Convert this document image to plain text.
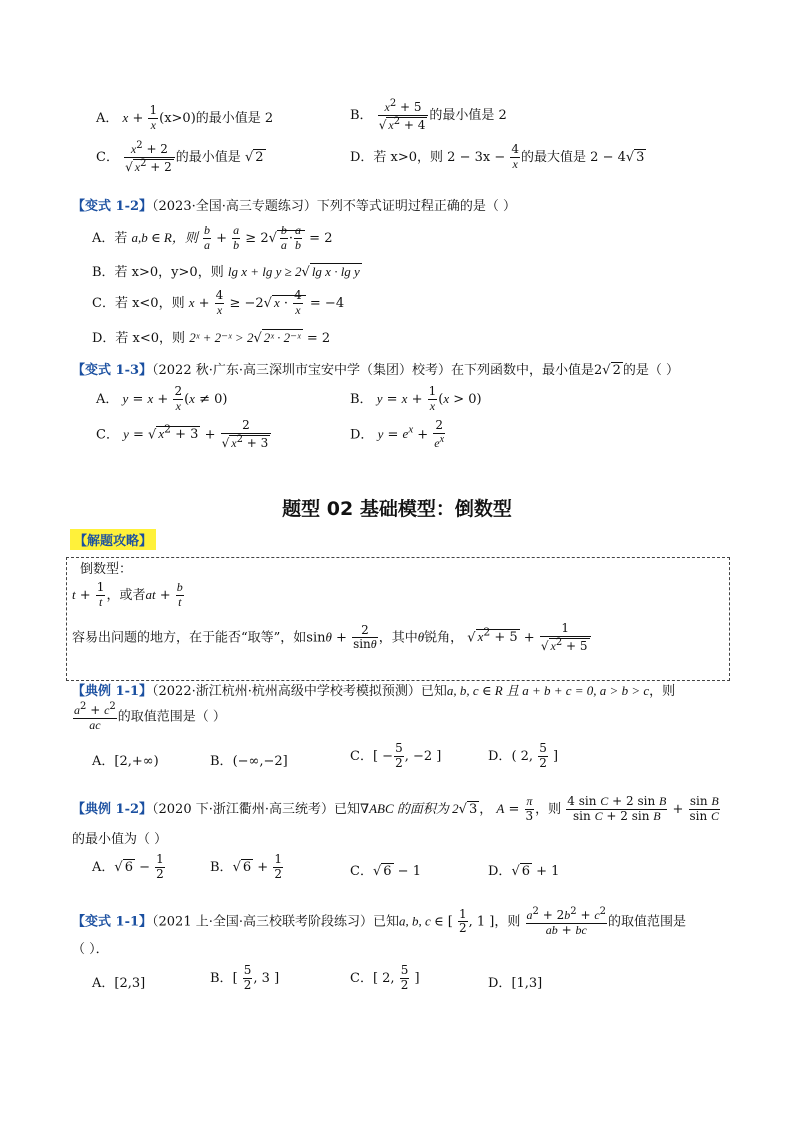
A． $x + \frac{1}{x} (x>0)$的最小值是 2	B． $\frac{x^2 + 5}{√ x^2 + 4}$ 的最小值是 2
C． $\frac{x^2 + 2}{√ x^2 + 2}$ 的最小值是 √ 2	D．若 x>0，则 $2 - 3x - \frac{4}{x}$ 的最大值是 2 − 4√ 3
【变式 1-2】（2023·全国·高三专题练习）下列不等式证明过程正确的是（ ）
A．若 a,b ∈ R，则 $\frac{b}{a} + \frac{a}{b} \ge 2√ \frac{b}{a} \cdot \frac{a}{b} = 2$
B．若 x>0，y>0，则 lg x + lg y ≥ 2√ lg x · lg y
C．若 x<0，则 $x + \frac{4}{x} \ge -2√$ $x \cdot \frac{4}{x} = -4$
D．若 x<0，则 2ˣ + 2⁻ˣ > 2√ 2ˣ · 2⁻ˣ = 2
【变式 1-3】（2022 秋·广东·高三深圳市宝安中学（集团）校考）在下列函数中，最小值是2√ 2 的是（ ）
A． $y = x + \frac{2}{x} (x \ne 0)$	B． $y = x + \frac{1}{x} (x > 0)$
C． y = √ $x^2 + 3 + \frac{2}{√ x^2 + 3}$	D． $y = e^x + \frac{2}{e^x}$
题型 02 基础模型：倒数型
【解题攻略】
倒数型：
$t + \frac{1}{t}$ ，或者at + $\frac{b}{t}$
容易出问题的地方，在于能否“取等”，如$\sin\theta + \frac{2}{\sin\theta}$ ，其中θ锐角， √ $x^2 + 5 + \frac{1}{√ x^2 + 5}$
【典例 1-1】（2022·浙江杭州·杭州高级中学校考模拟预测）已知a, b, c ∈ R 且 a + b + c = 0, a > b > c，则
$\frac{a^2 + c^2}{ac}$ 的取值范围是（ ）
A．[2,+∞)	B．(−∞,−2]	C．[ − $\frac{5}{2}$ , −2 ]	D．( 2, $\frac{5}{2}$ ]
【典例 1-2】（2020 下·浙江衢州·高三统考）已知∇ABC 的面积为 2√ 3 ， $A = \frac{\pi}{3}$ ，则 $\frac{\text{4 sin C + 2 sin B}}{\text{sin C + 2 sin B}} + \frac{\text{sin B}}{\text{sin C}}$
的最小值为（ ）
A．√ $6 - \frac{1}{2}$	B．√ $6 + \frac{1}{2}$	C．√ 6 − 1	D．√ 6 + 1
【变式 1-1】（2021 上·全国·高三校联考阶段练习）已知a, b, c ∈ [ $\frac{1}{2}$ , 1 ]，则 $\frac{a^2 + 2b^2 + c^2}{ab + bc}$ 的取值范围是
（ ）．
A．[2,3]	B．[ $\frac{5}{2}$ , 3 ]	C．[ 2, $\frac{5}{2}$ ]	D．[1,3]
